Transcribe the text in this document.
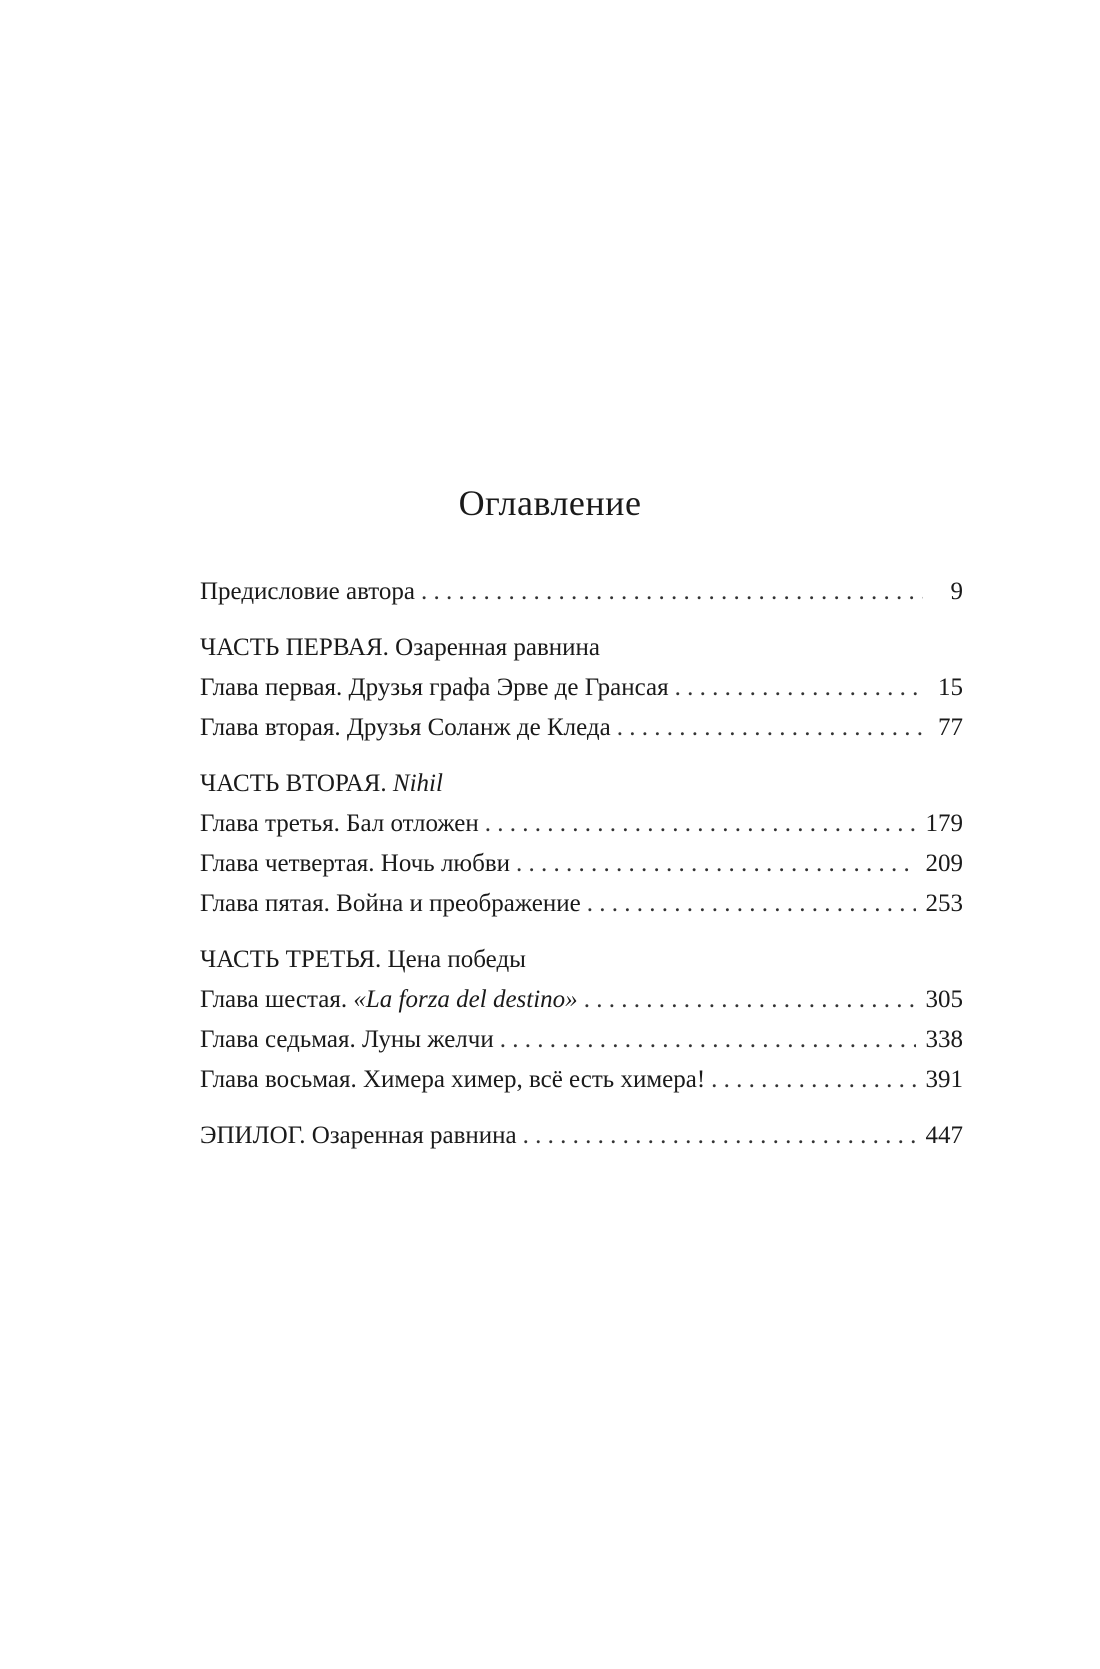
Оглавление
Предисловие автора . . .	9
ЧАСТЬ ПЕРВАЯ. Озаренная равнина
Глава первая. Друзья графа Эрве де Грансая . . .	15
Глава вторая. Друзья Соланж де Кледа . . .	77
ЧАСТЬ ВТОРАЯ. Nihil
Глава третья. Бал отложен . . .	179
Глава четвертая. Ночь любви . . .	209
Глава пятая. Война и преображение . . .	253
ЧАСТЬ ТРЕТЬЯ. Цена победы
Глава шестая. «La forza del destino» . . .	305
Глава седьмая. Луны желчи . . .	338
Глава восьмая. Химера химер, всё есть химера! . . .	391
ЭПИЛОГ. Озаренная равнина . . .	447
